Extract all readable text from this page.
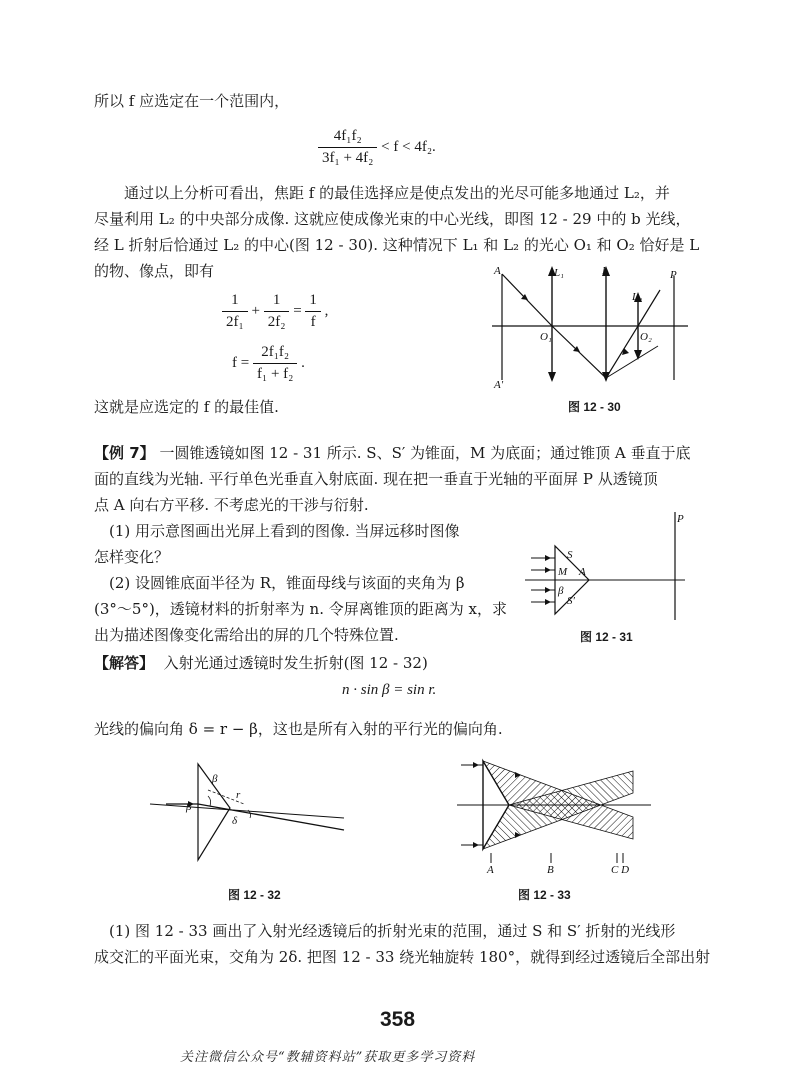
所以 f 应选定在一个范围内，
$\frac{\text{4f₁f₂}}{\text{3f₁ + 4f₂}} < f < 4f_2$.
通过以上分析可看出，焦距 f 的最佳选择应是使点发出的光尽可能多地通过 L₂，并
尽量利用 L₂ 的中央部分成像. 这就应使成像光束的中心光线，即图 12 - 29 中的 b 光线，
经 L 折射后恰通过 L₂ 的中心(图 12 - 30). 这种情况下 L₁ 和 L₂ 的光心 O₁ 和 O₂ 恰好是 L
的物、像点，即有
$\frac{1}{\text{2f₁}} + \frac{1}{\text{2f₂}} = \frac{1}{f}$ ,
$f = \frac{\text{2f₁f₂}}{\text{f₁ + f₂}}$ .
这就是应选定的 f 的最佳值.
A
A′
L₁	L
L₂
P
O₁	O₂
图 12 - 30
【例 7】 一圆锥透镜如图 12 - 31 所示. S、S′ 为锥面，M 为底面；通过锥顶 A 垂直于底
面的直线为光轴. 平行单色光垂直入射底面. 现在把一垂直于光轴的平面屏 P 从透镜顶
点 A 向右方平移. 不考虑光的干涉与衍射.
(1) 用示意图画出光屏上看到的图像. 当屏远移时图像
怎样变化？
(2) 设圆锥底面半径为 R，锥面母线与该面的夹角为 β
(3°～5°)，透镜材料的折射率为 n. 令屏离锥顶的距离为 x，求
出为描述图像变化需给出的屏的几个特殊位置.
P
S
M A
β
S′
图 12 - 31
【解答】 入射光通过透镜时发生折射(图 12 - 32)
n · sin β = sin r.
光线的偏向角 δ = r − β，这也是所有入射的平行光的偏向角.
β
β
r
δ
图 12 - 32
A	B	C D
图 12 - 33
(1) 图 12 - 33 画出了入射光经透镜后的折射光束的范围，通过 S 和 S′ 折射的光线形
成交汇的平面光束，交角为 2δ. 把图 12 - 33 绕光轴旋转 180°，就得到经过透镜后全部出射
358
关注微信公众号“教辅资料站”获取更多学习资料
